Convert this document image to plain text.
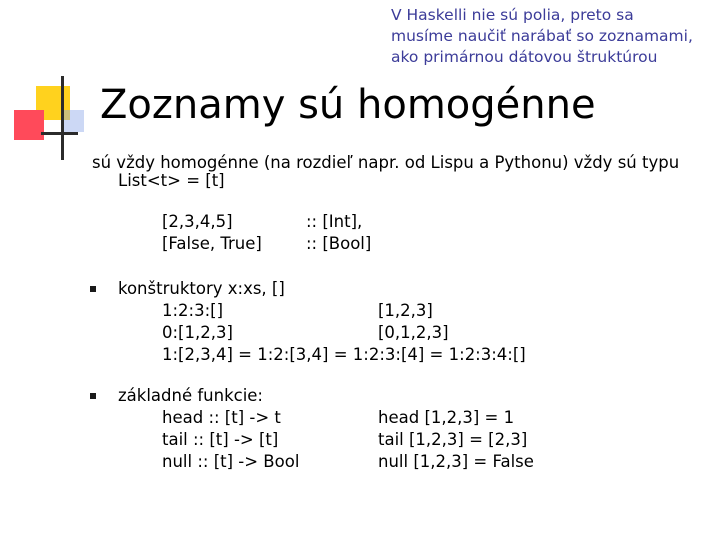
V Haskelli nie sú polia, preto sa
musíme naučiť narábať so zoznamami,
ako primárnou dátovou štruktúrou
Zoznamy sú homogénne
sú vždy homogénne (na rozdieľ napr. od Lispu a Pythonu) vždy sú typu
List<t> = [t]
[2,3,4,5]	:: [Int],
[False, True]	:: [Bool]
konštruktory x:xs, []
1:2:3:[]	[1,2,3]
0:[1,2,3]	[0,1,2,3]
1:[2,3,4] = 1:2:[3,4] = 1:2:3:[4] = 1:2:3:4:[]
základné funkcie:
head :: [t] -> t	head [1,2,3] = 1
tail :: [t] -> [t]	tail [1,2,3] = [2,3]
null :: [t] -> Bool	null [1,2,3] = False
